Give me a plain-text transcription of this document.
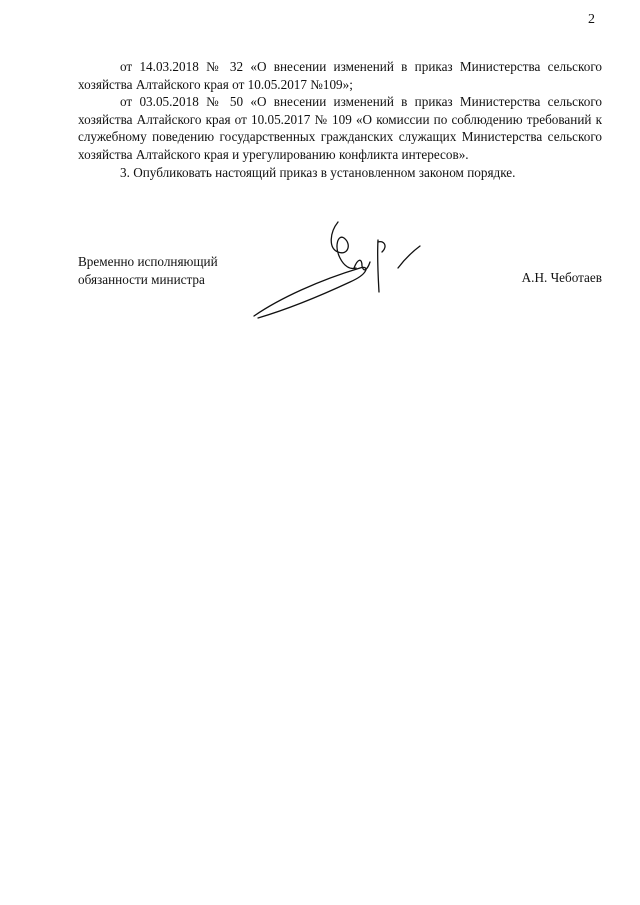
2

от 14.03.2018 № 32 «О внесении изменений в приказ Министерства сельского хозяйства Алтайского края от 10.05.2017 №109»;

от 03.05.2018 № 50 «О внесении изменений в приказ Министерства сельского хозяйства Алтайского края от 10.05.2017 № 109 «О комиссии по соблюдению требований к служебному поведению государственных гражданских служащих Министерства сельского хозяйства Алтайского края и урегулированию конфликта интересов».

3. Опубликовать настоящий приказ в установленном законом порядке.

Временно исполняющий
обязанности министра	А.Н. Чеботаев
